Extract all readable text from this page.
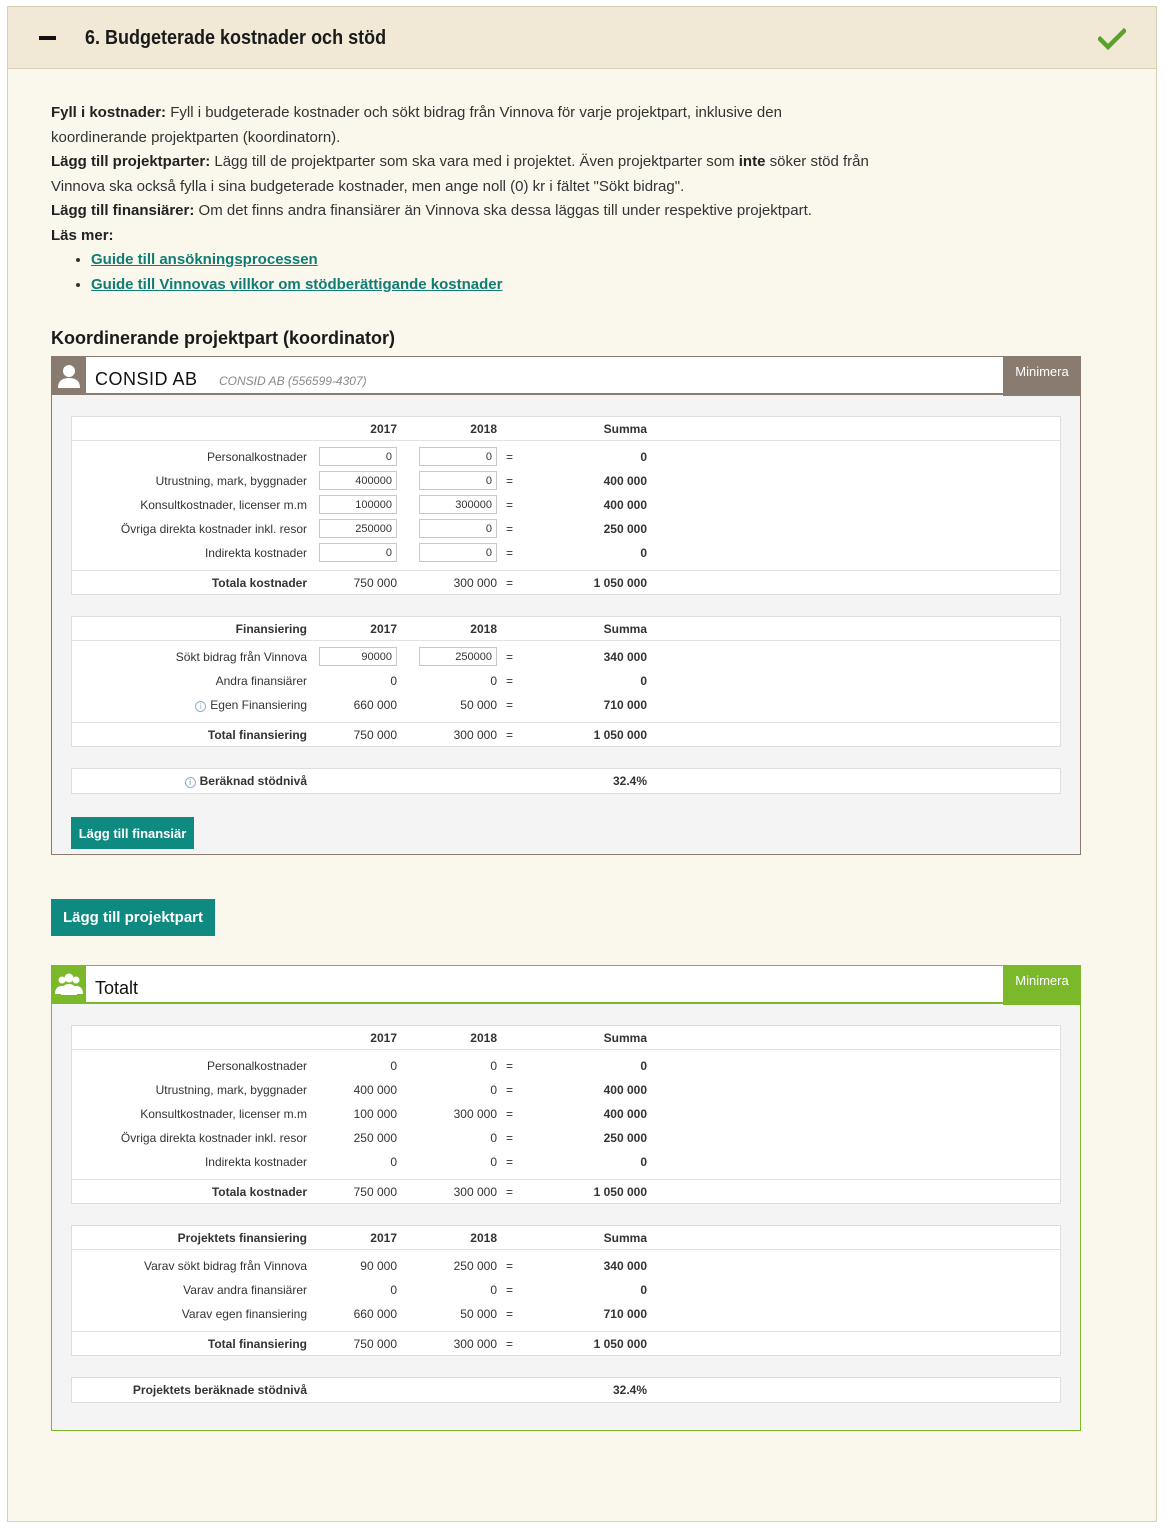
6. Budgeterade kostnader och stöd
Fyll i kostnader: Fyll i budgeterade kostnader och sökt bidrag från Vinnova för varje projektpart, inklusive den koordinerande projektparten (koordinatorn).
Lägg till projektparter: Lägg till de projektparter som ska vara med i projektet. Även projektparter som inte söker stöd från Vinnova ska också fylla i sina budgeterade kostnader, men ange noll (0) kr i fältet "Sökt bidrag".
Lägg till finansiärer: Om det finns andra finansiärer än Vinnova ska dessa läggas till under respektive projektpart.
Läs mer:
• Guide till ansökningsprocessen
• Guide till Vinnovas villkor om stödberättigande kostnader
Koordinerande projektpart (koordinator)
CONSID AB CONSID AB (556599-4307)
Minimera
2017	2018	Summa
Personalkostnader	0	0	=	0
Utrustning, mark, byggnader	400000	0	=	400 000
Konsultkostnader, licenser m.m	100000	300000	=	400 000
Övriga direkta kostnader inkl. resor	250000	0	=	250 000
Indirekta kostnader	0	0	=	0
Totala kostnader	750 000	300 000 =	1 050 000
Finansiering	2017	2018	Summa
Sökt bidrag från Vinnova	90000	250000	=	340 000
Andra finansiärer	0	0 =	0
i Egen Finansiering	660 000	50 000 =	710 000
Total finansiering	750 000	300 000 =	1 050 000
i Beräknad stödnivå	32.4%
Lägg till finansiär
Lägg till projektpart
Totalt	Minimera
2017	2018	Summa
Personalkostnader	0	0 =	0
Utrustning, mark, byggnader	400 000	0 =	400 000
Konsultkostnader, licenser m.m	100 000	300 000 =	400 000
Övriga direkta kostnader inkl. resor	250 000	0 =	250 000
Indirekta kostnader	0	0 =	0
Totala kostnader	750 000	300 000 =	1 050 000
Projektets finansiering	2017	2018	Summa
Varav sökt bidrag från Vinnova	90 000	250 000 =	340 000
Varav andra finansiärer	0	0 =	0
Varav egen finansiering	660 000	50 000 =	710 000
Total finansiering	750 000	300 000 =	1 050 000
Projektets beräknade stödnivå	32.4%
